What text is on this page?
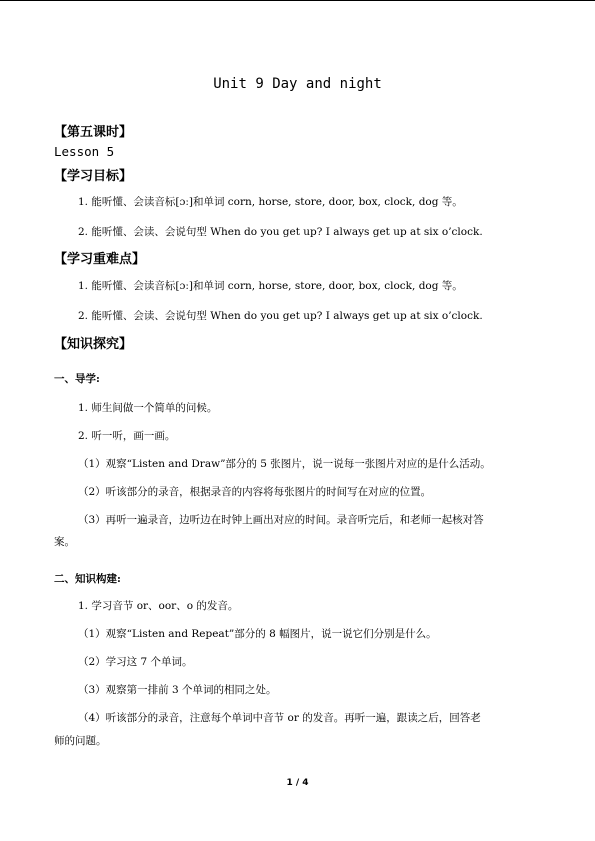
Unit 9 Day and night
【第五课时】
Lesson 5
【学习目标】
1. 能听懂、会读音标[ɔː]和单词 corn, horse, store, door, box, clock, dog 等。
2. 能听懂、会读、会说句型 When do you get up? I always get up at six o’clock.
【学习重难点】
1. 能听懂、会读音标[ɔː]和单词 corn, horse, store, door, box, clock, dog 等。
2. 能听懂、会读、会说句型 When do you get up? I always get up at six o’clock.
【知识探究】
一、导学:
1. 师生间做一个简单的问候。
2. 听一听，画一画。
（1）观察“Listen and Draw”部分的 5 张图片，说一说每一张图片对应的是什么活动。
（2）听该部分的录音，根据录音的内容将每张图片的时间写在对应的位置。
（3）再听一遍录音，边听边在时钟上画出对应的时间。录音听完后，和老师一起核对答
案。
二、知识构建:
1. 学习音节 or、oor、o 的发音。
（1）观察“Listen and Repeat”部分的 8 幅图片，说一说它们分别是什么。
（2）学习这 7 个单词。
（3）观察第一排前 3 个单词的相同之处。
（4）听该部分的录音，注意每个单词中音节 or 的发音。再听一遍，跟读之后，回答老
师的问题。
1 / 4
